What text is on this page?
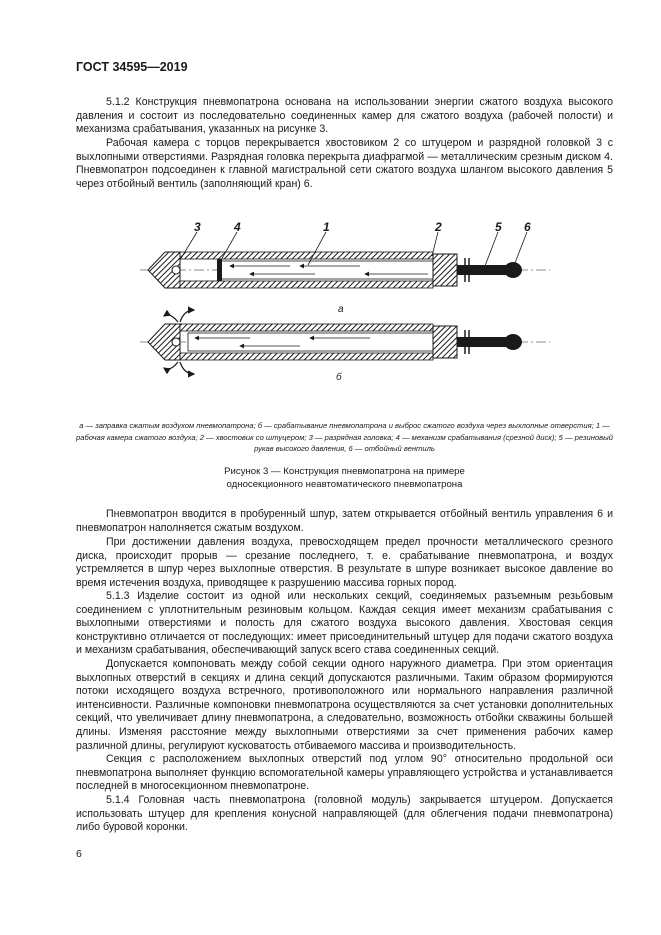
ГОСТ 34595—2019

5.1.2 Конструкция пневмопатрона основана на использовании энергии сжатого воздуха высокого давления и состоит из последовательно соединенных камер для сжатого воздуха (рабочей полости) и механизма срабатывания, указанных на рисунке 3.

Рабочая камера с торцов перекрывается хвостовиком 2 со штуцером и разрядной головкой 3 с выхлопными отверстиями. Разрядная головка перекрыта диафрагмой — металлическим срезным диском 4. Пневмопатрон подсоединен к главной магистральной сети сжатого воздуха шлангом высокого давления 5 через отбойный вентиль (заполняющий кран) 6.

3	4	1	2	5 6
а
б
а — заправка сжатым воздухом пневмопатрона; б — срабатывание пневмопатрона и выброс сжатого воздуха через выхлопные отверстия; 1 — рабочая камера сжатого воздуха; 2 — хвостовик со штуцером; 3 — разрядная головка; 4 — механизм срабатывания (срезной диск); 5 — резиновый рукав высокого давления, 6 — отбойный вентиль
Рисунок 3 — Конструкция пневмопатрона на примере
односекционного неавтоматического пневмопатрона

Пневмопатрон вводится в пробуренный шпур, затем открывается отбойный вентиль управления 6 и пневмопатрон наполняется сжатым воздухом.

При достижении давления воздуха, превосходящем предел прочности металлического срезного диска, происходит прорыв — срезание последнего, т. е. срабатывание пневмопатрона, и воздух устремляется в шпур через выхлопные отверстия. В результате в шпуре возникает высокое давление во время истечения воздуха, приводящее к разрушению массива горных пород.

5.1.3 Изделие состоит из одной или нескольких секций, соединяемых разъемным резьбовым соединением с уплотнительным резиновым кольцом. Каждая секция имеет механизм срабатывания с выхлопными отверстиями и полость для сжатого воздуха высокого давления. Хвостовая секция конструктивно отличается от последующих: имеет присоединительный штуцер для подачи сжатого воздуха и механизм срабатывания, обеспечивающий запуск всего става соединенных секций.

Допускается компоновать между собой секции одного наружного диаметра. При этом ориентация выхлопных отверстий в секциях и длина секций допускаются различными. Таким образом формируются потоки исходящего воздуха встречного, противоположного или нормального направления различной интенсивности. Различные компоновки пневмопатрона осуществляются за счет установки дополнительных секций, что увеличивает длину пневмопатрона, а следовательно, возможность отбойки скважины большей длины. Изменяя расстояние между выхлопными отверстиями за счет применения рабочих камер различной длины, регулируют кусковатость отбиваемого массива и производительность.

Секция с расположением выхлопных отверстий под углом 90° относительно продольной оси пневмопатрона выполняет функцию вспомогательной камеры управляющего устройства и устанавливается последней в многосекционном пневмопатроне.

5.1.4 Головная часть пневмопатрона (головной модуль) закрывается штуцером. Допускается использовать штуцер для крепления конусной направляющей (для облегчения подачи пневмопатрона) либо буровой коронки.

6
